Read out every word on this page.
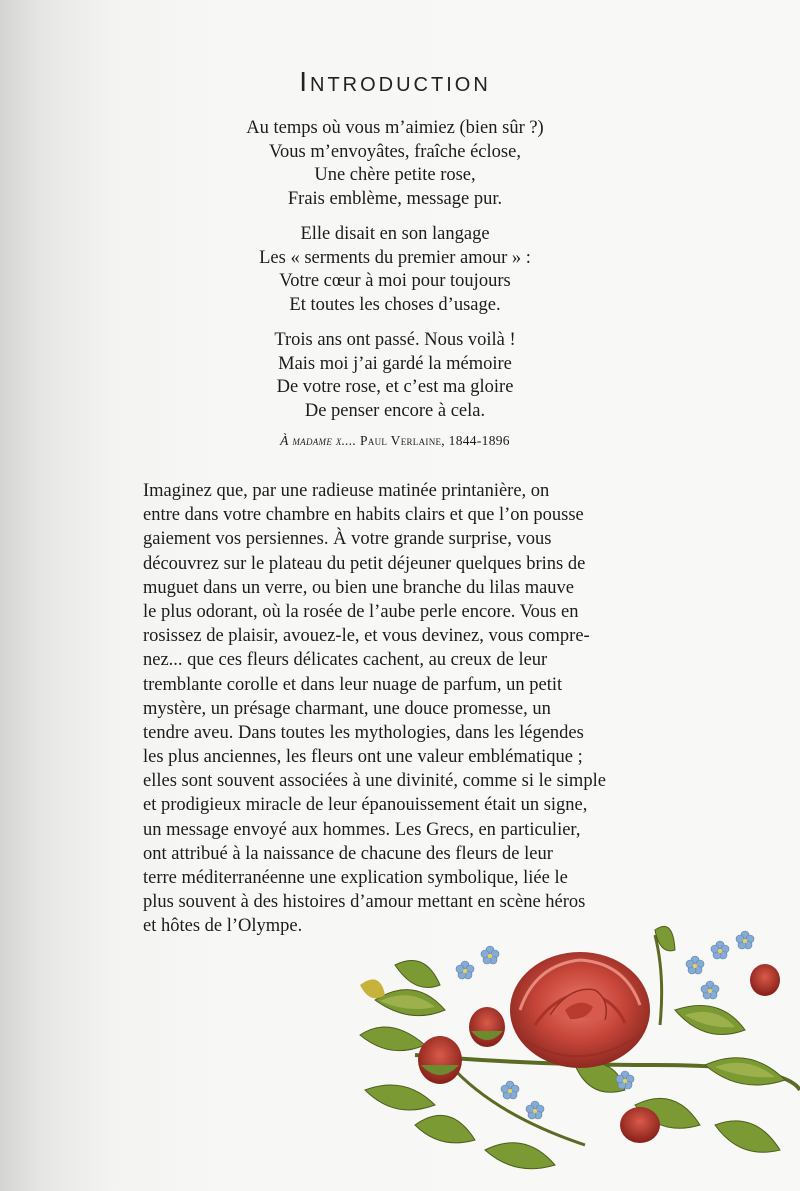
Introduction
Au temps où vous m’aimiez (bien sûr ?)
Vous m’envoyâtes, fraîche éclose,
Une chère petite rose,
Frais emblème, message pur.
Elle disait en son langage
Les « serments du premier amour » :
Votre cœur à moi pour toujours
Et toutes les choses d’usage.
Trois ans ont passé. Nous voilà !
Mais moi j’ai gardé la mémoire
De votre rose, et c’est ma gloire
De penser encore à cela.
À madame x.... Paul Verlaine, 1844-1896
Imaginez que, par une radieuse matinée printanière, on
entre dans votre chambre en habits clairs et que l’on pousse
gaiement vos persiennes. À votre grande surprise, vous
découvrez sur le plateau du petit déjeuner quelques brins de
muguet dans un verre, ou bien une branche du lilas mauve
le plus odorant, où la rosée de l’aube perle encore. Vous en
rosissez de plaisir, avouez-le, et vous devinez, vous compre-
nez... que ces fleurs délicates cachent, au creux de leur
tremblante corolle et dans leur nuage de parfum, un petit
mystère, un présage charmant, une douce promesse, un
tendre aveu. Dans toutes les mythologies, dans les légendes
les plus anciennes, les fleurs ont une valeur emblématique ;
elles sont souvent associées à une divinité, comme si le simple
et prodigieux miracle de leur épanouissement était un signe,
un message envoyé aux hommes. Les Grecs, en particulier,
ont attribué à la naissance de chacune des fleurs de leur
terre méditerranéenne une explication symbolique, liée le
plus souvent à des histoires d’amour mettant en scène héros
et hôtes de l’Olympe.
